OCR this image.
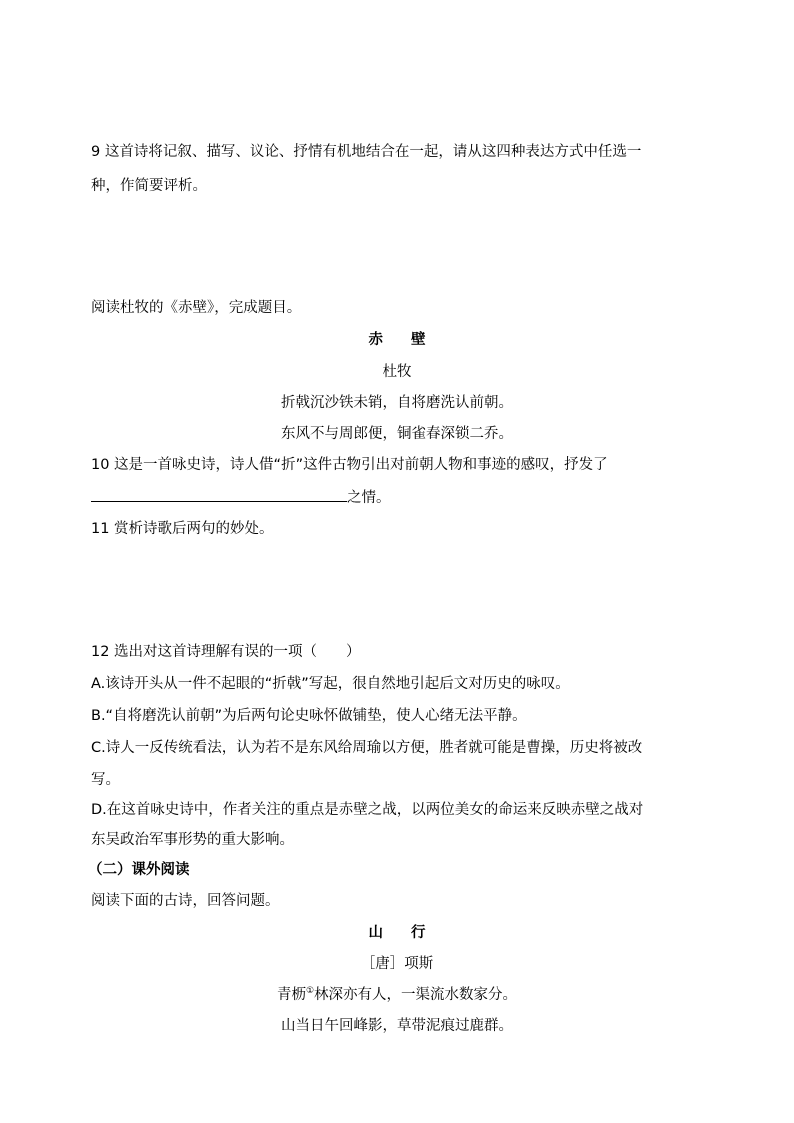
9 这首诗将记叙、描写、议论、抒情有机地结合在一起，请从这四种表达方式中任选一
种，作简要评析。
阅读杜牧的《赤壁》，完成题目。
赤 壁
杜牧
折戟沉沙铁未销，自将磨洗认前朝。
东风不与周郎便，铜雀春深锁二乔。
10 这是一首咏史诗，诗人借“折”这件古物引出对前朝人物和事迹的感叹，抒发了
之情。
11 赏析诗歌后两句的妙处。
12 选出对这首诗理解有误的一项（　　）
A.该诗开头从一件不起眼的“折戟”写起，很自然地引起后文对历史的咏叹。
B.“自将磨洗认前朝”为后两句论史咏怀做铺垫，使人心绪无法平静。
C.诗人一反传统看法，认为若不是东风给周瑜以方便，胜者就可能是曹操，历史将被改
写。
D.在这首咏史诗中，作者关注的重点是赤壁之战，以两位美女的命运来反映赤壁之战对
东吴政治军事形势的重大影响。
（二）课外阅读
阅读下面的古诗，回答问题。
山 行
［唐］项斯
青枥①林深亦有人，一渠流水数家分。
山当日午回峰影，草带泥痕过鹿群。
